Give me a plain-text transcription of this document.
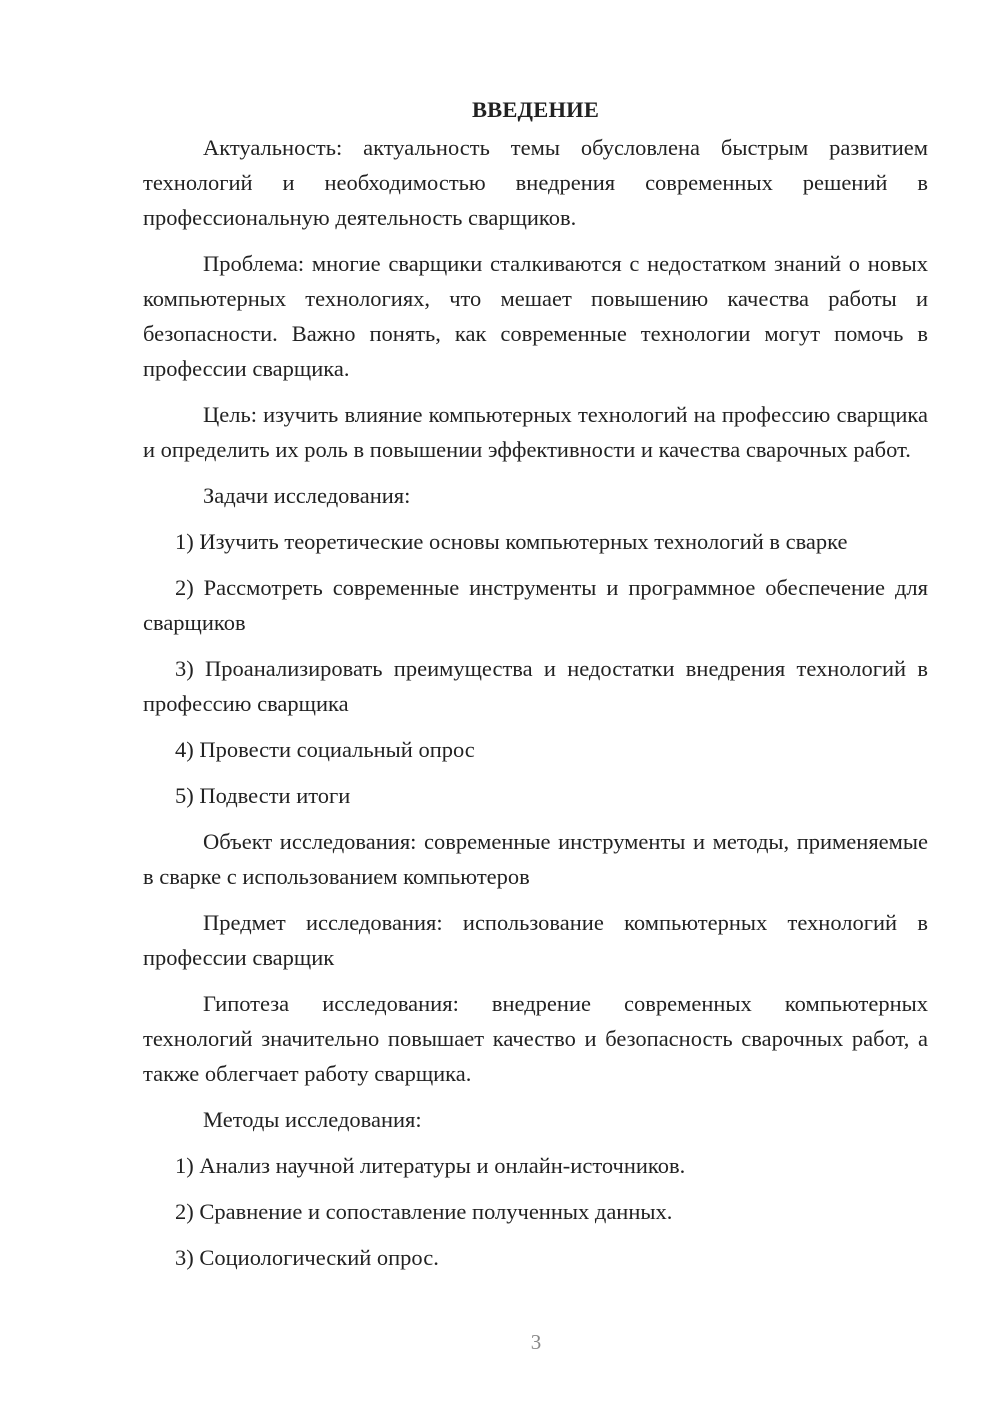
ВВЕДЕНИЕ

Актуальность: актуальность темы обусловлена быстрым развитием технологий и необходимостью внедрения современных решений в профессиональную деятельность сварщиков.

Проблема: многие сварщики сталкиваются с недостатком знаний о новых компьютерных технологиях, что мешает повышению качества работы и безопасности. Важно понять, как современные технологии могут помочь в профессии сварщика.

Цель: изучить влияние компьютерных технологий на профессию сварщика и определить их роль в повышении эффективности и качества сварочных работ.

Задачи исследования:

1) Изучить теоретические основы компьютерных технологий в сварке

2) Рассмотреть современные инструменты и программное обеспечение для сварщиков

3) Проанализировать преимущества и недостатки внедрения технологий в профессию сварщика

4) Провести социальный опрос

5) Подвести итоги

Объект исследования: современные инструменты и методы, применяемые в сварке с использованием компьютеров

Предмет исследования: использование компьютерных технологий в профессии сварщик

Гипотеза исследования: внедрение современных компьютерных технологий значительно повышает качество и безопасность сварочных работ, а также облегчает работу сварщика.

Методы исследования:

1) Анализ научной литературы и онлайн-источников.

2) Сравнение и сопоставление полученных данных.

3) Социологический опрос.

3
